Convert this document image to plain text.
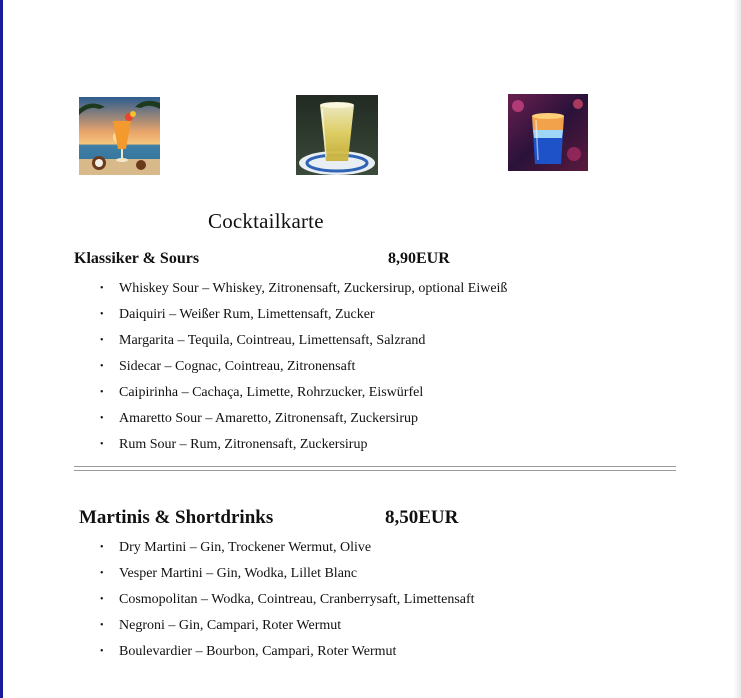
Cocktailkarte
Klassiker & Sours	8,90EUR
• Whiskey Sour – Whiskey, Zitronensaft, Zuckersirup, optional Eiweiß
• Daiquiri – Weißer Rum, Limettensaft, Zucker
• Margarita – Tequila, Cointreau, Limettensaft, Salzrand
• Sidecar – Cognac, Cointreau, Zitronensaft
• Caipirinha – Cachaça, Limette, Rohrzucker, Eiswürfel
• Amaretto Sour – Amaretto, Zitronensaft, Zuckersirup
• Rum Sour – Rum, Zitronensaft, Zuckersirup
Martinis & Shortdrinks	8,50EUR
• Dry Martini – Gin, Trockener Wermut, Olive
• Vesper Martini – Gin, Wodka, Lillet Blanc
• Cosmopolitan – Wodka, Cointreau, Cranberrysaft, Limettensaft
• Negroni – Gin, Campari, Roter Wermut
• Boulevardier – Bourbon, Campari, Roter Wermut
